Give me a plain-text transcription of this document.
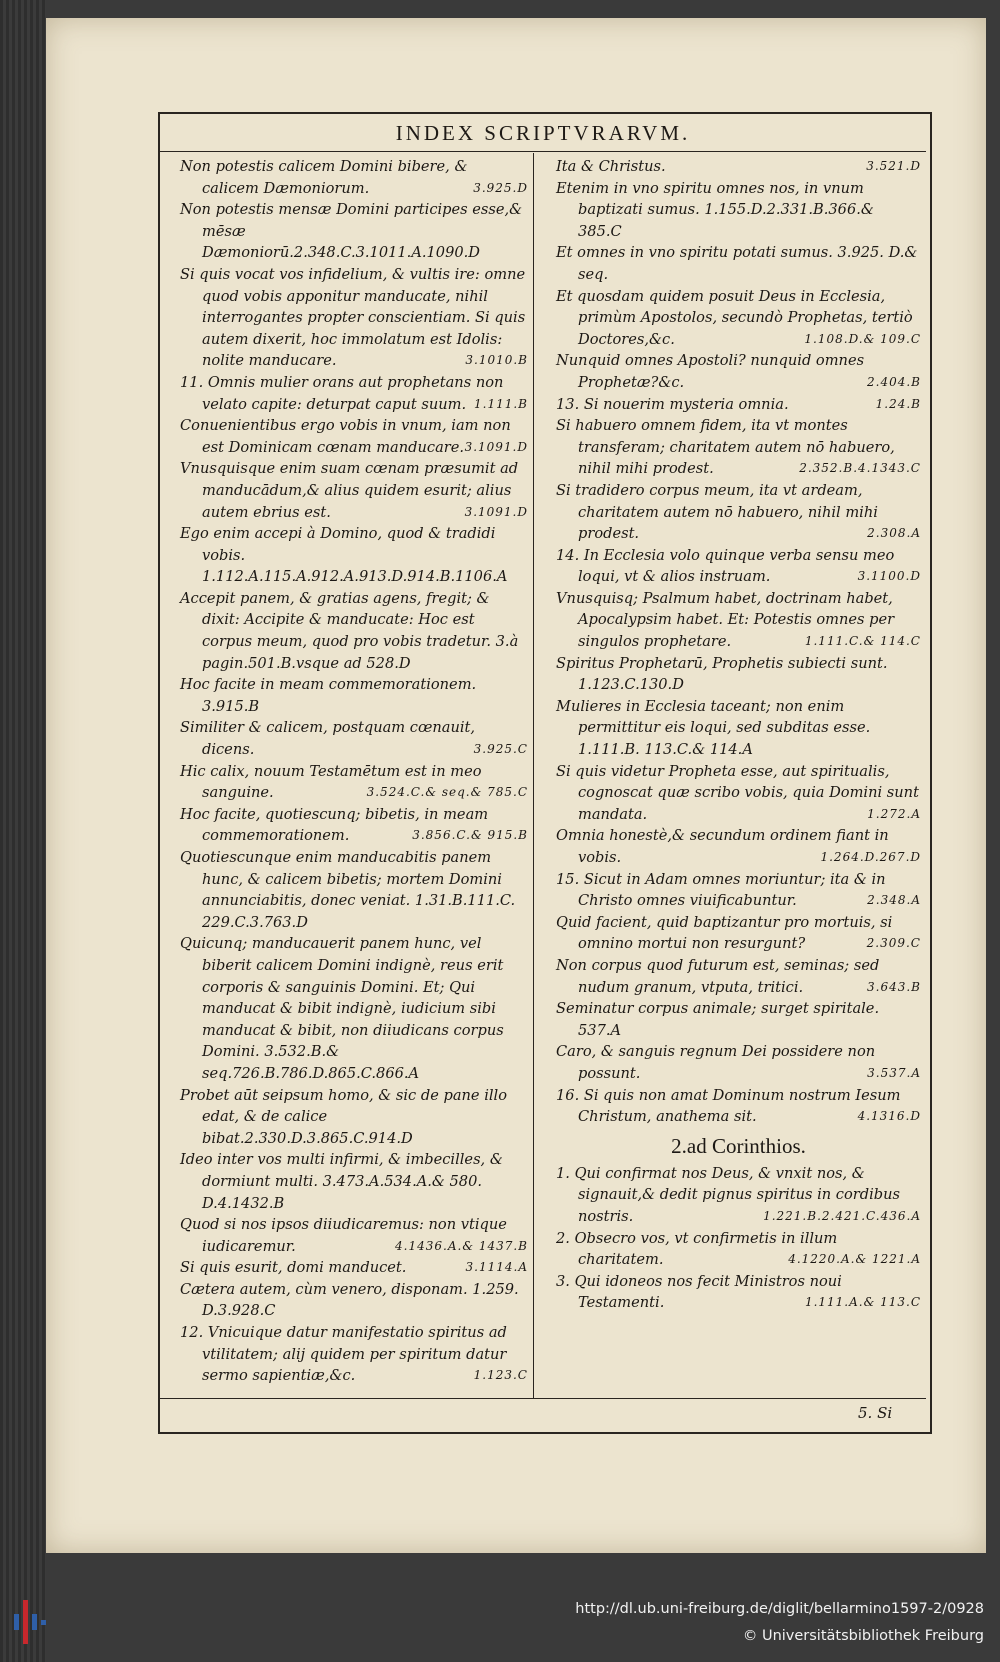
INDEX SCRIPTVRARVM.

Non potestis calicem Domini bibere, & calicem Dæmoniorum.	3.925.D

Non potestis mensæ Domini participes esse,& mēsæ Dæmoniorū.2.348.C.3.1011.A.1090.D

Si quis vocat vos infidelium, & vultis ire: omne quod vobis apponitur manducate, nihil interrogantes propter conscientiam. Si quis autem dixerit, hoc immolatum est Idolis: nolite manducare.	3.1010.B

11. Omnis mulier orans aut prophetans non velato capite: deturpat caput suum. 1.111.B

Conuenientibus ergo vobis in vnum, iam non est Dominicam cœnam manducare. 3.1091.D

Vnusquisque enim suam cœnam præsumit ad manducādum,& alius quidem esurit; alius autem ebrius est.	3.1091.D

Ego enim accepi à Domino, quod & tradidi vobis. 1.112.A.115.A.912.A.913.D.914.B.1106.A

Accepit panem, & gratias agens, fregit; & dixit: Accipite & manducate: Hoc est corpus meum, quod pro vobis tradetur. 3.à pagin.501.B.vsque ad 528.D

Hoc facite in meam commemorationem. 3.915.B

Similiter & calicem, postquam cœnauit, dicens.	3.925.C

Hic calix, nouum Testamētum est in meo sanguine.	3.524.C.& seq.& 785.C

Hoc facite, quotiescunq; bibetis, in meam commemorationem.	3.856.C.& 915.B

Quotiescunque enim manducabitis panem hunc, & calicem bibetis; mortem Domini annunciabitis, donec veniat. 1.31.B.111.C. 229.C.3.763.D

Quicunq; manducauerit panem hunc, vel biberit calicem Domini indignè, reus erit corporis & sanguinis Domini. Et; Qui manducat & bibit indignè, iudicium sibi manducat & bibit, non diiudicans corpus Domini. 3.532.B.& seq.726.B.786.D.865.C.866.A

Probet aūt seipsum homo, & sic de pane illo edat, & de calice bibat.2.330.D.3.865.C.914.D

Ideo inter vos multi infirmi, & imbecilles, & dormiunt multi. 3.473.A.534.A.& 580. D.4.1432.B

Quod si nos ipsos diiudicaremus: non vtique iudicaremur.	4.1436.A.& 1437.B

Si quis esurit, domi manducet.	3.1114.A

Cætera autem, cùm venero, disponam. 1.259. D.3.928.C

12. Vnicuique datur manifestatio spiritus ad vtilitatem; alij quidem per spiritum datur sermo sapientiæ,&c.	1.123.C

Ita & Christus.	3.521.D

Etenim in vno spiritu omnes nos, in vnum baptizati sumus. 1.155.D.2.331.B.366.& 385.C

Et omnes in vno spiritu potati sumus. 3.925. D.& seq.

Et quosdam quidem posuit Deus in Ecclesia, primùm Apostolos, secundò Prophetas, tertiò Doctores,&c.	1.108.D.& 109.C

Nunquid omnes Apostoli? nunquid omnes Prophetæ?&c.	2.404.B

13. Si nouerim mysteria omnia.	1.24.B

Si habuero omnem fidem, ita vt montes transferam; charitatem autem nō habuero, nihil mihi prodest.	2.352.B.4.1343.C

Si tradidero corpus meum, ita vt ardeam, charitatem autem nō habuero, nihil mihi prodest.	2.308.A

14. In Ecclesia volo quinque verba sensu meo loqui, vt & alios instruam.	3.1100.D

Vnusquisq; Psalmum habet, doctrinam habet, Apocalypsim habet. Et: Potestis omnes per singulos prophetare.	1.111.C.& 114.C

Spiritus Prophetarū, Prophetis subiecti sunt. 1.123.C.130.D

Mulieres in Ecclesia taceant; non enim permittitur eis loqui, sed subditas esse. 1.111.B. 113.C.& 114.A

Si quis videtur Propheta esse, aut spiritualis, cognoscat quæ scribo vobis, quia Domini sunt mandata.	1.272.A

Omnia honestè,& secundum ordinem fiant in vobis.	1.264.D.267.D

15. Sicut in Adam omnes moriuntur; ita & in Christo omnes viuificabuntur.	2.348.A

Quid facient, quid baptizantur pro mortuis, si omnino mortui non resurgunt?	2.309.C

Non corpus quod futurum est, seminas; sed nudum granum, vtputa, tritici.	3.643.B

Seminatur corpus animale; surget spiritale. 537.A

Caro, & sanguis regnum Dei possidere non possunt.	3.537.A

16. Si quis non amat Dominum nostrum Iesum Christum, anathema sit.	4.1316.D

2.ad Corinthios.

1. Qui confirmat nos Deus, & vnxit nos, & signauit,& dedit pignus spiritus in cordibus nostris.	1.221.B.2.421.C.436.A

2. Obsecro vos, vt confirmetis in illum charitatem.	4.1220.A.& 1221.A

3. Qui idoneos nos fecit Ministros noui Testamenti.	1.111.A.& 113.C

5. Si
http://dl.ub.uni-freiburg.de/diglit/bellarmino1597-2/0928
© Universitätsbibliothek Freiburg
